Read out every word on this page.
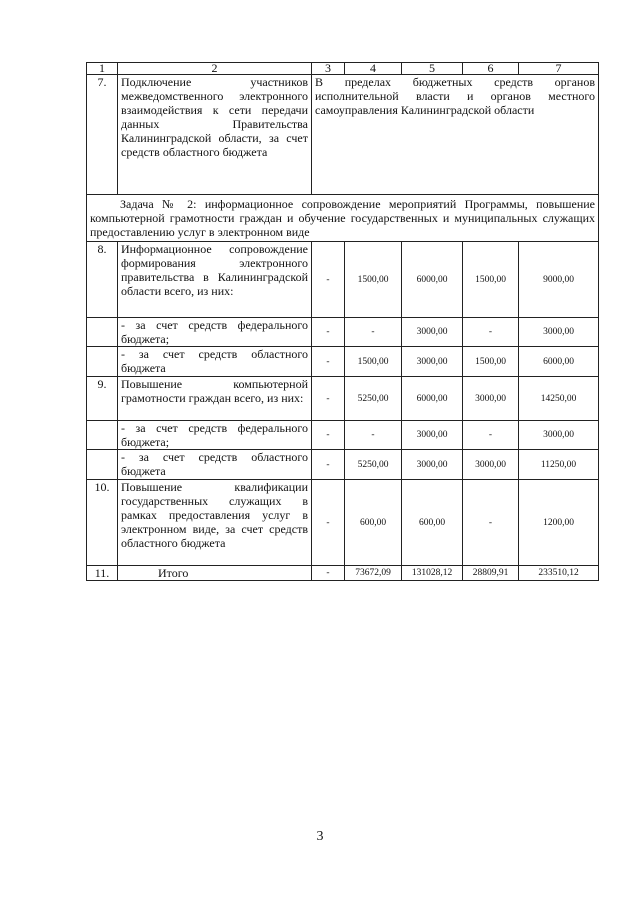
1	2	3	4	5	6	7
7.	Подключение участников межведомственного электронного взаимодействия к сети передачи данных Правительства Калининградской области, за счет средств областного бюджета	В пределах бюджетных средств органов исполнительной власти и органов местного самоуправления Калининградской области				
Задача № 2: информационное сопровождение мероприятий Программы, повышение компьютерной грамотности граждан и обучение государственных и муниципальных служащих предоставлению услуг в электронном виде						
8.	Информационное сопровождение формирования электронного правительства в Калининградской области всего, из них:	-	1500,00	6000,00	1500,00	9000,00
	- за счет средств федерального бюджета;	-	-	3000,00	-	3000,00
	- за счет средств областного бюджета	-	1500,00	3000,00	1500,00	6000,00
9.	Повышение компьютерной грамотности граждан всего, из них:	-	5250,00	6000,00	3000,00	14250,00
	- за счет средств федерального бюджета;	-	-	3000,00	-	3000,00
	- за счет средств областного бюджета	-	5250,00	3000,00	3000,00	11250,00
10.	Повышение квалификации государственных служащих в рамках предоставления услуг в электронном виде, за счет средств областного бюджета	-	600,00	600,00	-	1200,00
11.	Итого	-	73672,09	131028,12	28809,91	233510,12
3
